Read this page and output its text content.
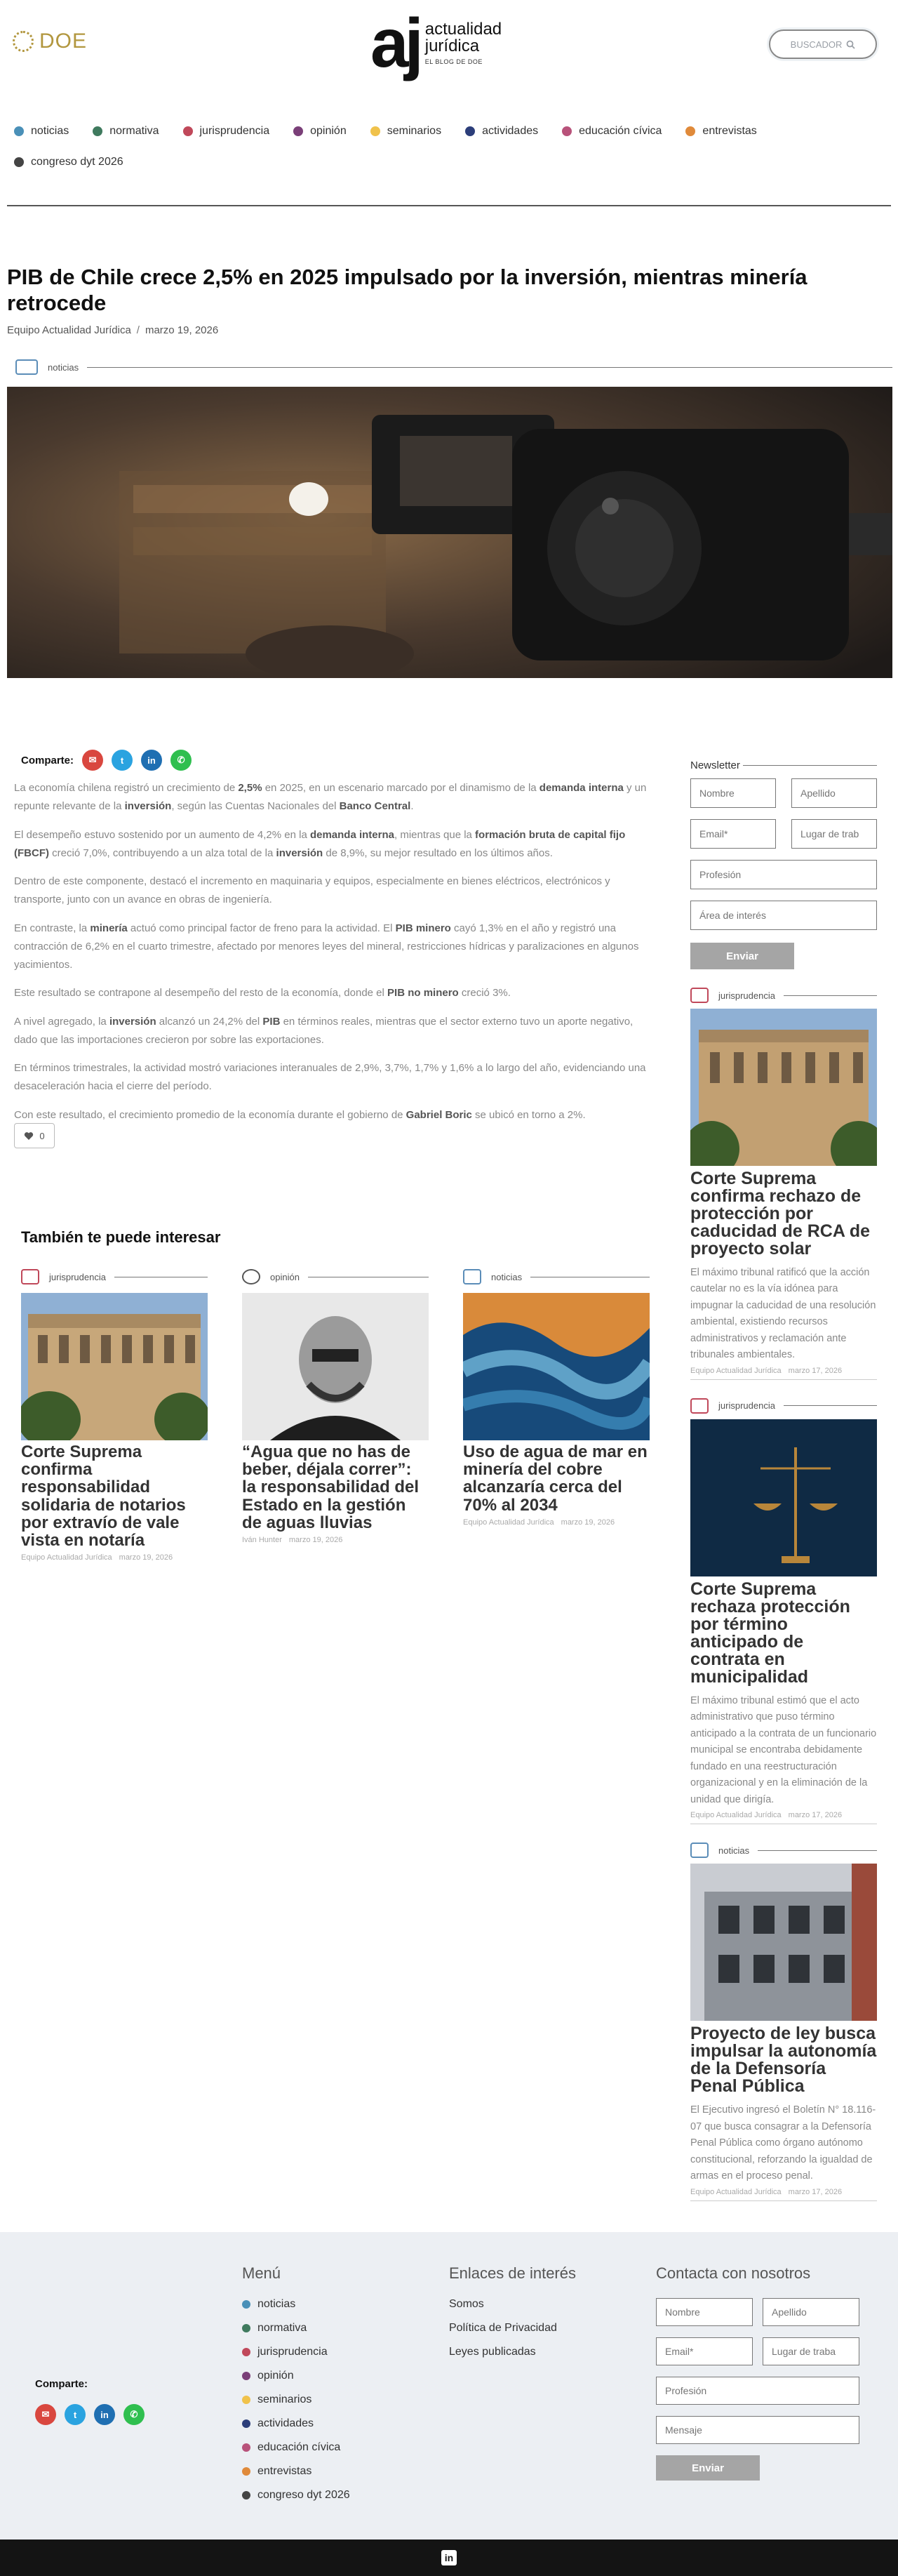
DOE	aj actualidad
jurídica
EL BLOG DE DOE
BUSCADOR
noticias	normativa	jurisprudencia	opinión	seminarios	actividades	educación cívica	entrevistas
congreso dyt 2026
PIB de Chile crece 2,5% en 2025 impulsado por la inversión, mientras minería retrocede
Equipo Actualidad Jurídica / marzo 19, 2026
noticias
Comparte:	✉	t	in	✆

La economía chilena registró un crecimiento de 2,5% en 2025, en un escenario marcado por el dinamismo de la demanda interna y un repunte relevante de la inversión, según las Cuentas Nacionales del Banco Central.

El desempeño estuvo sostenido por un aumento de 4,2% en la demanda interna, mientras que la formación bruta de capital fijo (FBCF) creció 7,0%, contribuyendo a un alza total de la inversión de 8,9%, su mejor resultado en los últimos años.

Dentro de este componente, destacó el incremento en maquinaria y equipos, especialmente en bienes eléctricos, electrónicos y transporte, junto con un avance en obras de ingeniería.

En contraste, la minería actuó como principal factor de freno para la actividad. El PIB minero cayó 1,3% en el año y registró una contracción de 6,2% en el cuarto trimestre, afectado por menores leyes del mineral, restricciones hídricas y paralizaciones en algunos yacimientos.

Este resultado se contrapone al desempeño del resto de la economía, donde el PIB no minero creció 3%.

A nivel agregado, la inversión alcanzó un 24,2% del PIB en términos reales, mientras que el sector externo tuvo un aporte negativo, dado que las importaciones crecieron por sobre las exportaciones.

En términos trimestrales, la actividad mostró variaciones interanuales de 2,9%, 3,7%, 1,7% y 1,6% a lo largo del año, evidenciando una desaceleración hacia el cierre del período.

Con este resultado, el crecimiento promedio de la economía durante el gobierno de Gabriel Boric se ubicó en torno a 2%.

0
También te puede interesar
jurisprudencia
Corte Suprema confirma responsabilidad solidaria de notarios por extravío de vale vista en notaría
Equipo Actualidad Jurídica marzo 19, 2026
opinión
“Agua que no has de beber, déjala correr”: la responsabilidad del Estado en la gestión de aguas lluvias
Iván Hunter marzo 19, 2026
noticias
Uso de agua de mar en minería del cobre alcanzaría cerca del 70% al 2034
Equipo Actualidad Jurídica marzo 19, 2026
Newsletter
Nombre
Apellido
Email*
Lugar de trab
Profesión
Área de interés
Enviar
jurisprudencia
Corte Suprema confirma rechazo de protección por caducidad de RCA de proyecto solar
El máximo tribunal ratificó que la acción cautelar no es la vía idónea para impugnar la caducidad de una resolución ambiental, existiendo recursos administrativos y reclamación ante tribunales ambientales.
Equipo Actualidad Jurídica marzo 17, 2026
jurisprudencia
Corte Suprema rechaza protección por término anticipado de contrata en municipalidad
El máximo tribunal estimó que el acto administrativo que puso término anticipado a la contrata de un funcionario municipal se encontraba debidamente fundado en una reestructuración organizacional y en la eliminación de la unidad que dirigía.
Equipo Actualidad Jurídica marzo 17, 2026
noticias
Proyecto de ley busca impulsar la autonomía de la Defensoría Penal Pública
El Ejecutivo ingresó el Boletín N° 18.116-07 que busca consagrar a la Defensoría Penal Pública como órgano autónomo constitucional, reforzando la igualdad de armas en el proceso penal.
Equipo Actualidad Jurídica marzo 17, 2026
Comparte:
✉	t	in	✆
Menú
noticias
normativa
jurisprudencia
opinión
seminarios
actividades
educación cívica
entrevistas
congreso dyt 2026
Enlaces de interés
Somos
Política de Privacidad
Leyes publicadas
Contacta con nosotros
Nombre
Apellido
Email*
Lugar de traba
Profesión
Mensaje
Enviar
in
